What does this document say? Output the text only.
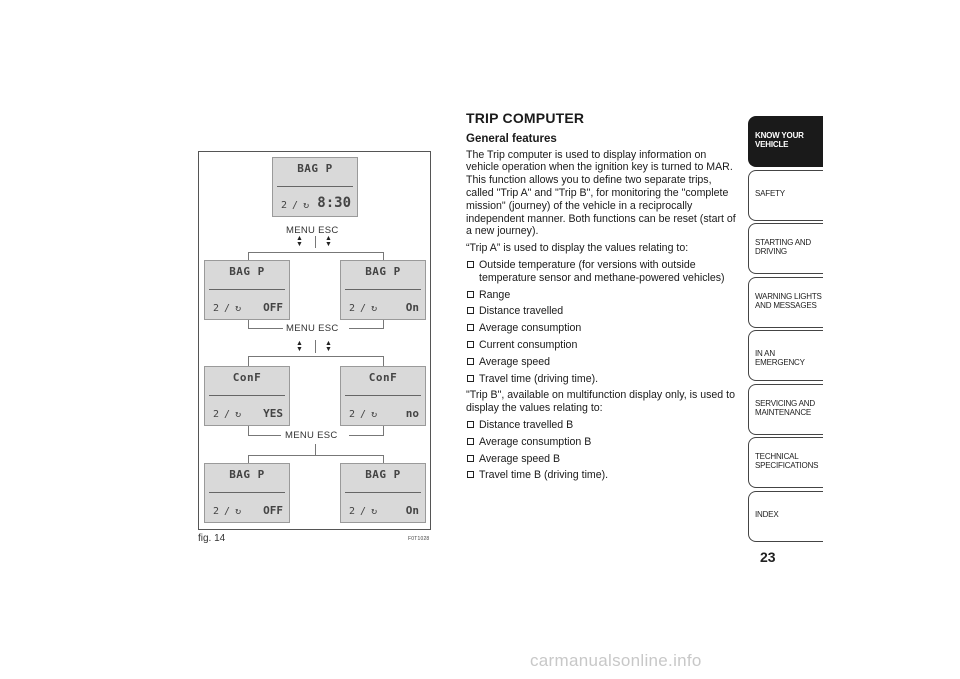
BAG P
2 / ↻ 8:30
MENU ESC
▲
▼
▲
▼
BAG P
2 / ↻ OFF
BAG P
2 / ↻	On
MENU ESC
▲
▼
▲
▼
ConF
2 / ↻ YES
ConF
2 / ↻	no
MENU ESC
BAG P
2 / ↻ OFF
BAG P
2 / ↻	On
fig. 14	F0T1028
TRIP COMPUTER
General features

The Trip computer is used to display information on vehicle operation when the ignition key is turned to MAR. This function allows you to define two separate trips, called "Trip A" and "Trip B", for monitoring the "complete mission" (journey) of the vehicle in a reciprocally independent manner. Both functions can be reset (start of a new journey).

“Trip A” is used to display the values relating to:

Outside temperature (for versions with outside temperature sensor and methane-powered vehicles)
Range
Distance travelled
Average consumption
Current consumption
Average speed
Travel time (driving time).

"Trip B", available on multifunction display only, is used to display the values relating to:

Distance travelled B
Average consumption B
Average speed B
Travel time B (driving time).
KNOW YOUR VEHICLE
SAFETY
STARTING AND DRIVING
WARNING LIGHTS AND MESSAGES
IN AN EMERGENCY
SERVICING AND MAINTENANCE
TECHNICAL SPECIFICATIONS
INDEX
23
carmanualsonline.info
